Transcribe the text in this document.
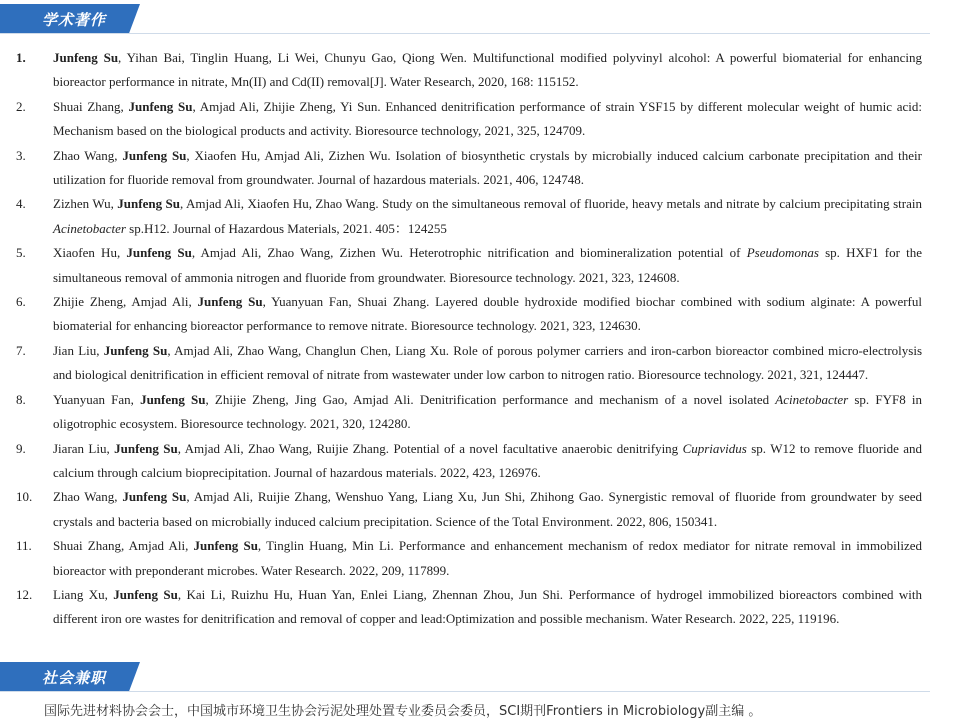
学术著作
1. Junfeng Su, Yihan Bai, Tinglin Huang, Li Wei, Chunyu Gao, Qiong Wen. Multifunctional modified polyvinyl alcohol: A powerful biomaterial for enhancing bioreactor performance in nitrate, Mn(II) and Cd(II) removal[J]. Water Research, 2020, 168: 115152.
2. Shuai Zhang, Junfeng Su, Amjad Ali, Zhijie Zheng, Yi Sun. Enhanced denitrification performance of strain YSF15 by different molecular weight of humic acid: Mechanism based on the biological products and activity. Bioresource technology, 2021, 325, 124709.
3. Zhao Wang, Junfeng Su, Xiaofen Hu, Amjad Ali, Zizhen Wu. Isolation of biosynthetic crystals by microbially induced calcium carbonate precipitation and their utilization for fluoride removal from groundwater. Journal of hazardous materials. 2021, 406, 124748.
4. Zizhen Wu, Junfeng Su, Amjad Ali, Xiaofen Hu, Zhao Wang. Study on the simultaneous removal of fluoride, heavy metals and nitrate by calcium precipitating strain Acinetobacter sp.H12. Journal of Hazardous Materials, 2021. 405：124255
5. Xiaofen Hu, Junfeng Su, Amjad Ali, Zhao Wang, Zizhen Wu. Heterotrophic nitrification and biomineralization potential of Pseudomonas sp. HXF1 for the simultaneous removal of ammonia nitrogen and fluoride from groundwater. Bioresource technology. 2021, 323, 124608.
6. Zhijie Zheng, Amjad Ali, Junfeng Su, Yuanyuan Fan, Shuai Zhang. Layered double hydroxide modified biochar combined with sodium alginate: A powerful biomaterial for enhancing bioreactor performance to remove nitrate. Bioresource technology. 2021, 323, 124630.
7. Jian Liu, Junfeng Su, Amjad Ali, Zhao Wang, Changlun Chen, Liang Xu. Role of porous polymer carriers and iron-carbon bioreactor combined micro-electrolysis and biological denitrification in efficient removal of nitrate from wastewater under low carbon to nitrogen ratio. Bioresource technology. 2021, 321, 124447.
8. Yuanyuan Fan, Junfeng Su, Zhijie Zheng, Jing Gao, Amjad Ali. Denitrification performance and mechanism of a novel isolated Acinetobacter sp. FYF8 in oligotrophic ecosystem. Bioresource technology. 2021, 320, 124280.
9. Jiaran Liu, Junfeng Su, Amjad Ali, Zhao Wang, Ruijie Zhang. Potential of a novel facultative anaerobic denitrifying Cupriavidus sp. W12 to remove fluoride and calcium through calcium bioprecipitation. Journal of hazardous materials. 2022, 423, 126976.
10. Zhao Wang, Junfeng Su, Amjad Ali, Ruijie Zhang, Wenshuo Yang, Liang Xu, Jun Shi, Zhihong Gao. Synergistic removal of fluoride from groundwater by seed crystals and bacteria based on microbially induced calcium precipitation. Science of the Total Environment. 2022, 806, 150341.
11. Shuai Zhang, Amjad Ali, Junfeng Su, Tinglin Huang, Min Li. Performance and enhancement mechanism of redox mediator for nitrate removal in immobilized bioreactor with preponderant microbes. Water Research. 2022, 209, 117899.
12. Liang Xu, Junfeng Su, Kai Li, Ruizhu Hu, Huan Yan, Enlei Liang, Zhennan Zhou, Jun Shi. Performance of hydrogel immobilized bioreactors combined with different iron ore wastes for denitrification and removal of copper and lead:Optimization and possible mechanism. Water Research. 2022, 225, 119196.
社会兼职
国际先进材料协会会士，中国城市环境卫生协会污泥处理处置专业委员会委员，SCI期刊Frontiers in Microbiology副主编 。
